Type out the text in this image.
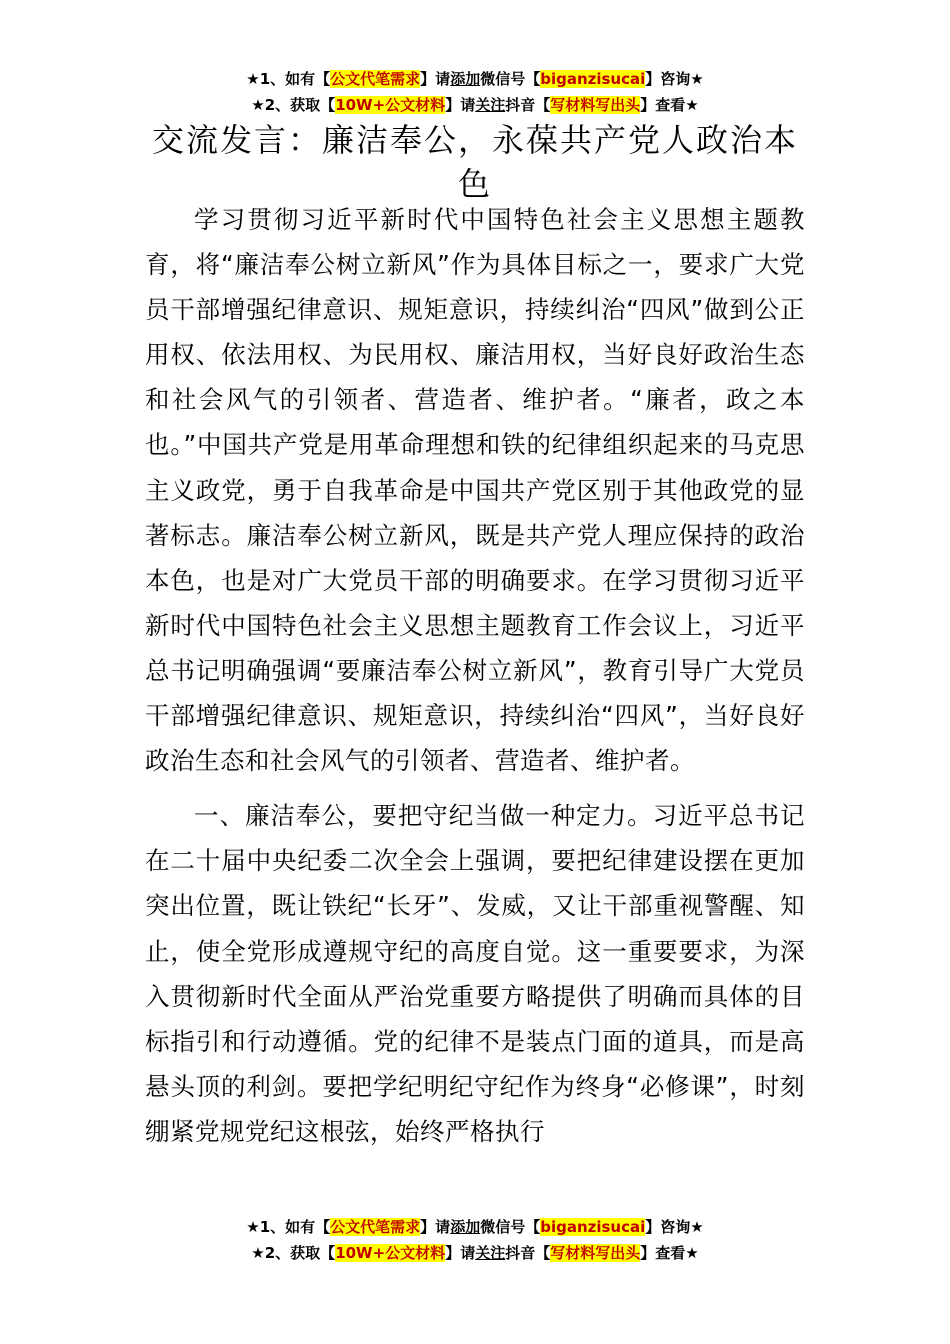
★1、如有【公文代笔需求】请添加微信号【biganzisucai】咨询★
★2、获取【10W+公文材料】请关注抖音【写材料写出头】查看★
交流发言：廉洁奉公，永葆共产党人政治本色

学习贯彻习近平新时代中国特色社会主义思想主题教育，将“廉洁奉公树立新风”作为具体目标之一，要求广大党员干部增强纪律意识、规矩意识，持续纠治“四风”做到公正用权、依法用权、为民用权、廉洁用权，当好良好政治生态和社会风气的引领者、营造者、维护者。“廉者，政之本也。”中国共产党是用革命理想和铁的纪律组织起来的马克思主义政党，勇于自我革命是中国共产党区别于其他政党的显著标志。廉洁奉公树立新风，既是共产党人理应保持的政治本色，也是对广大党员干部的明确要求。在学习贯彻习近平新时代中国特色社会主义思想主题教育工作会议上，习近平总书记明确强调“要廉洁奉公树立新风”，教育引导广大党员干部增强纪律意识、规矩意识，持续纠治“四风”，当好良好政治生态和社会风气的引领者、营造者、维护者。

一、廉洁奉公，要把守纪当做一种定力。习近平总书记在二十届中央纪委二次全会上强调，要把纪律建设摆在更加突出位置，既让铁纪“长牙”、发威，又让干部重视警醒、知止，使全党形成遵规守纪的高度自觉。这一重要要求，为深入贯彻新时代全面从严治党重要方略提供了明确而具体的目标指引和行动遵循。党的纪律不是装点门面的道具，而是高悬头顶的利剑。要把学纪明纪守纪作为终身“必修课”，时刻绷紧党规党纪这根弦，始终严格执行

★1、如有【公文代笔需求】请添加微信号【biganzisucai】咨询★
★2、获取【10W+公文材料】请关注抖音【写材料写出头】查看★
